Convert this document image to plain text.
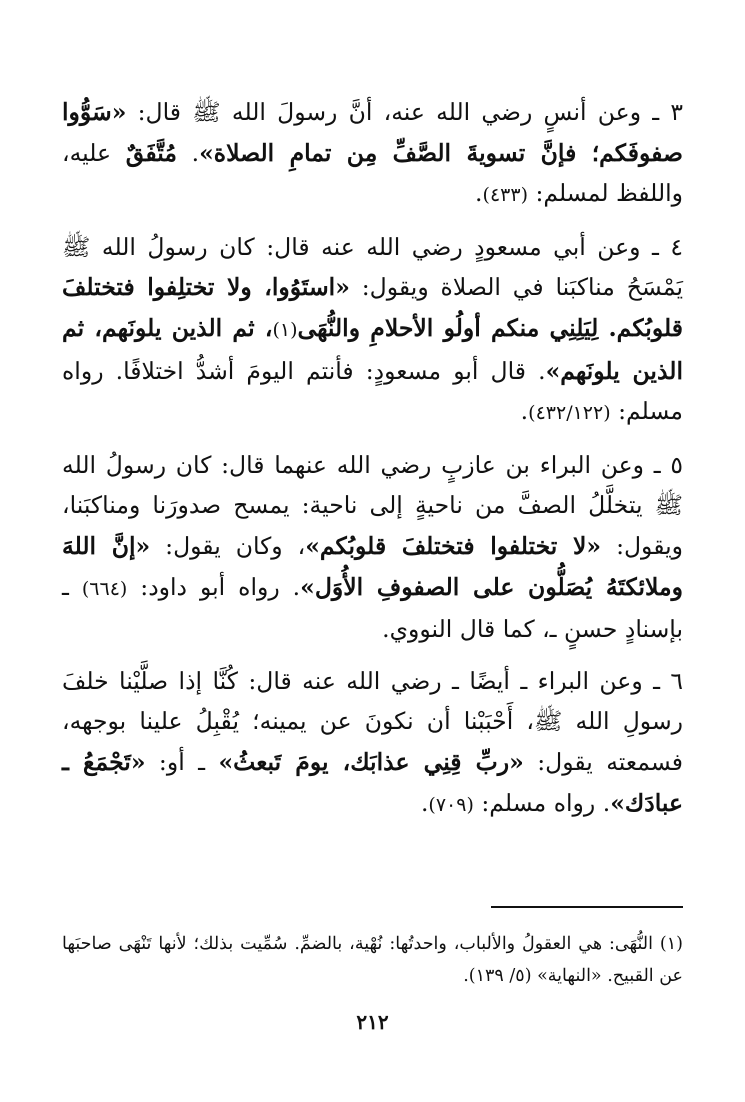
٣ ـ وعن أنسٍ رضي الله عنه، أنَّ رسولَ الله ﷺ قال: «سَوُّوا صفوفَكم؛ فإنَّ تسويةَ الصَّفِّ مِن تمامِ الصلاة». مُتَّفَقٌ عليه، واللفظ لمسلم: (٤٣٣).

٤ ـ وعن أبي مسعودٍ رضي الله عنه قال: كان رسولُ الله ﷺ يَمْسَحُ مناكبَنا في الصلاة ويقول: «استَوُوا، ولا تختلِفوا فتختلفَ قلوبُكم. لِيَلِنِي منكم أولُو الأحلامِ والنُّهَى(١)، ثم الذين يلونَهم، ثم الذين يلونَهم». قال أبو مسعودٍ: فأنتم اليومَ أشدُّ اختلافًا. رواه مسلم: (٤٣٢/١٢٢).

٥ ـ وعن البراء بن عازبٍ رضي الله عنهما قال: كان رسولُ الله ﷺ يتخلَّلُ الصفَّ من ناحيةٍ إلى ناحية: يمسح صدورَنا ومناكبَنا، ويقول: «لا تختلفوا فتختلفَ قلوبُكم»، وكان يقول: «إنَّ اللهَ وملائكتَهُ يُصَلُّون على الصفوفِ الأُوَل». رواه أبو داود: (٦٦٤) ـ بإسنادٍ حسنٍ ـ، كما قال النووي.

٦ ـ وعن البراء ـ أيضًا ـ رضي الله عنه قال: كُنَّا إذا صلَّيْنا خلفَ رسولِ الله ﷺ، أَحْبَبْنا أن نكونَ عن يمينه؛ يُقْبِلُ علينا بوجهه، فسمعته يقول: «ربِّ قِنِي عذابَك، يومَ تَبعثُ» ـ أو: «تَجْمَعُ ـ عبادَك». رواه مسلم: (٧٠٩).

(١) النُّهَى: هي العقولُ والألباب، واحدتُها: نُهْية، بالضمِّ. سُمِّيت بذلك؛ لأنها تَنْهَى صاحبَها عن القبيح. «النهاية» (٥/ ١٣٩).
٢١٢
